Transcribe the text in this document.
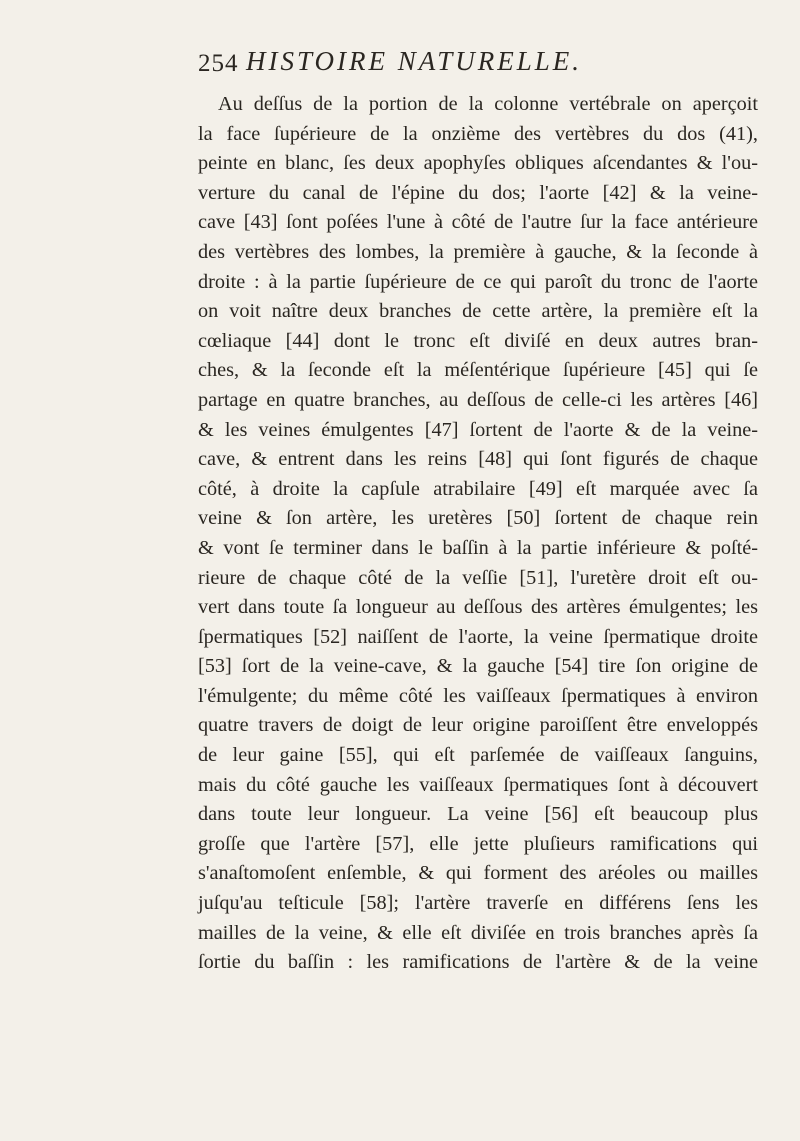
254 HISTOIRE NATURELLE.
Au deſſus de la portion de la colonne vertébrale on aperçoit
la face ſupérieure de la onzième des vertèbres du dos (41),
peinte en blanc, ſes deux apophyſes obliques aſcendantes & l'ou-
verture du canal de l'épine du dos; l'aorte [42] & la veine-
cave [43] ſont poſées l'une à côté de l'autre ſur la face antérieure
des vertèbres des lombes, la première à gauche, & la ſeconde à
droite : à la partie ſupérieure de ce qui paroît du tronc de l'aorte
on voit naître deux branches de cette artère, la première eſt la
cœliaque [44] dont le tronc eſt diviſé en deux autres bran-
ches, & la ſeconde eſt la méſentérique ſupérieure [45] qui ſe
partage en quatre branches, au deſſous de celle-ci les artères [46]
& les veines émulgentes [47] ſortent de l'aorte & de la veine-
cave, & entrent dans les reins [48] qui ſont figurés de chaque
côté, à droite la capſule atrabilaire [49] eſt marquée avec ſa
veine & ſon artère, les uretères [50] ſortent de chaque rein
& vont ſe terminer dans le baſſin à la partie inférieure & poſté-
rieure de chaque côté de la veſſie [51], l'uretère droit eſt ou-
vert dans toute ſa longueur au deſſous des artères émulgentes; les
ſpermatiques [52] naiſſent de l'aorte, la veine ſpermatique droite
[53] ſort de la veine-cave, & la gauche [54] tire ſon origine de
l'émulgente; du même côté les vaiſſeaux ſpermatiques à environ
quatre travers de doigt de leur origine paroiſſent être enveloppés
de leur gaine [55], qui eſt parſemée de vaiſſeaux ſanguins,
mais du côté gauche les vaiſſeaux ſpermatiques ſont à découvert
dans toute leur longueur. La veine [56] eſt beaucoup plus
groſſe que l'artère [57], elle jette pluſieurs ramifications qui
s'anaſtomoſent enſemble, & qui forment des aréoles ou mailles
juſqu'au teſticule [58]; l'artère traverſe en différens ſens les
mailles de la veine, & elle eſt diviſée en trois branches après ſa
ſortie du baſſin : les ramifications de l'artère & de la veine
